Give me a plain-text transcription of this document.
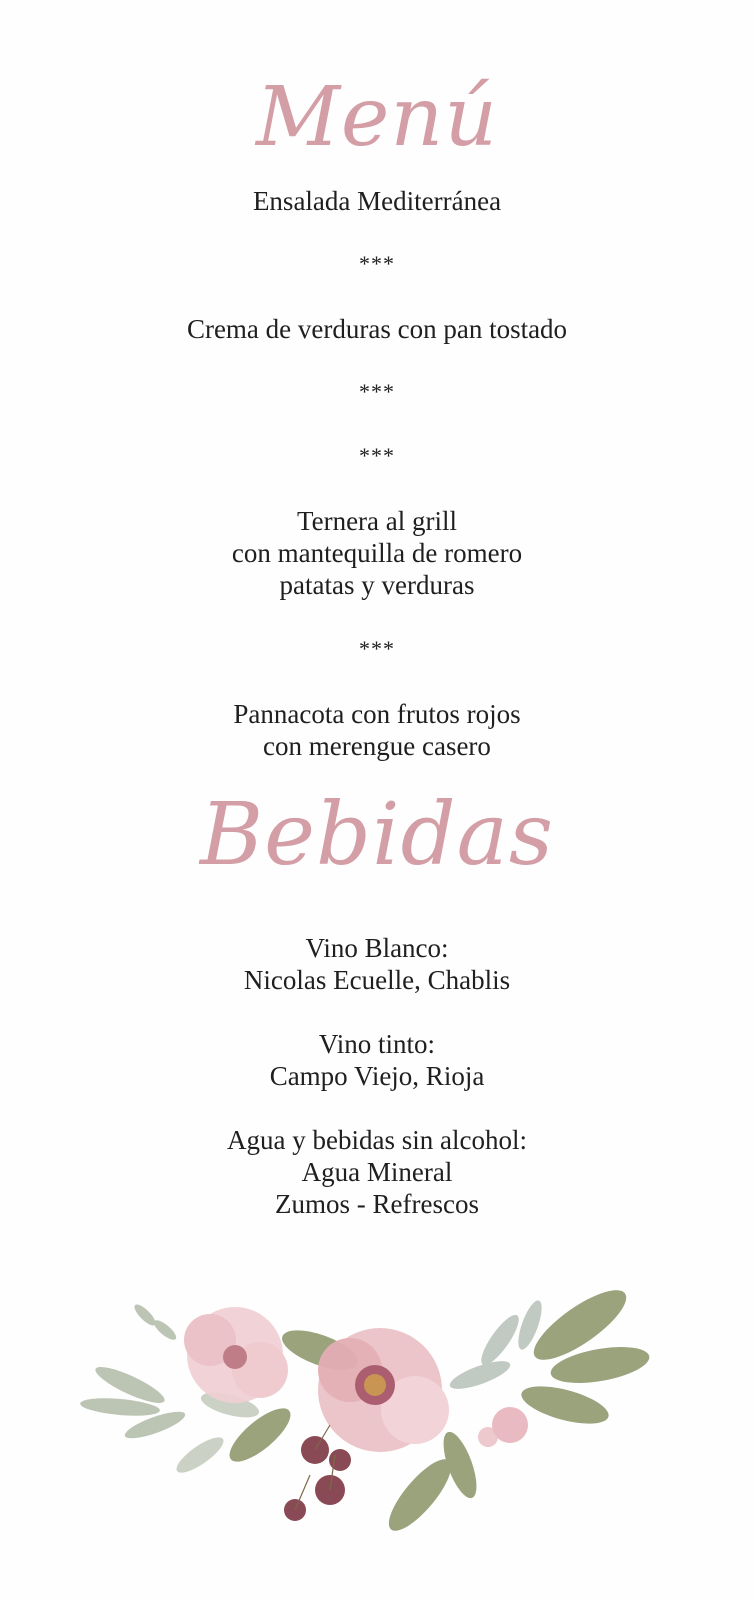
Menú
Ensalada Mediterránea
***
Crema de verduras con pan tostado
***
***
Ternera al grill
con mantequilla de romero
patatas y verduras
***
Pannacota con frutos rojos
con merengue casero
Bebidas
Vino Blanco:
Nicolas Ecuelle, Chablis
Vino tinto:
Campo Viejo, Rioja
Agua y bebidas sin alcohol:
Agua Mineral
Zumos - Refrescos
